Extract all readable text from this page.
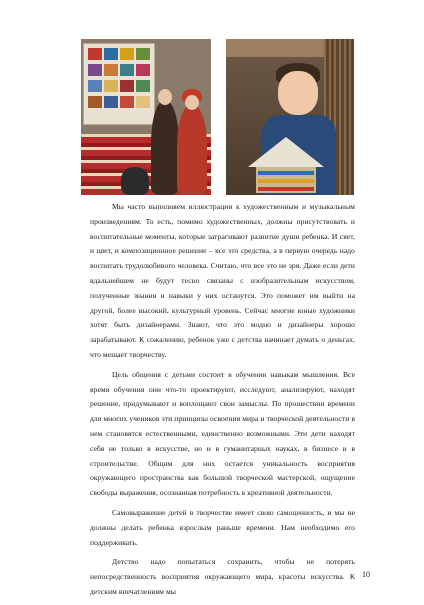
Мы часто выполняем иллюстрации к художественным и музыкальным произведениям. То есть, помимо художественных, должны присутствовать и воспитательные моменты, которые затрагивают развитие души ребенка. И свет, и цвет, и композиционное решение – все это средства, а в первую очередь надо воспитать трудолюбивого человека. Считаю, что все это не зря. Даже если дети вдальнейшем не будут тесно связаны с изобразительным искусством, полученные знания и навыки у них останутся. Это поможет им выйти на другой, более высокий, культурный уровень. Сейчас многие юные художники хотят быть дизайнерами. Знают, что это модно и дизайнеры хорошо зарабатывают. К сожалению, ребенок уже с детства начинает думать о деньгах, что мешает творчеству.

Цель общения с детьми состоит в обучении навыкам мышления. Все время обучения они что-то проектируют, исследуют, анализируют, находят решение, придумывают и воплощают свои замыслы. По прошествии времени для многих учеников эти принципы освоения мира и творческой деятельности в нем становятся естественными, единственно возможными. Эти дети находят себя не только в искусстве, но и в гуманитарных науках, в бизнесе и в строительстве. Общим для них остается уникальность восприятия окружающего пространства как большой творческой мастерской, ощущение свободы выражения, осознанная потребность в креативной деятельности.

Самовыражение детей в творчестве имеет свою самоценность, и мы не должны делать ребенка взрослым раньше времени. Нам необходимо его поддерживать.

Детство надо попытаться сохранить, чтобы не потерять непосредственность восприятия окружающего мира, красоты искусства. К детским впечатлениям мы

10
